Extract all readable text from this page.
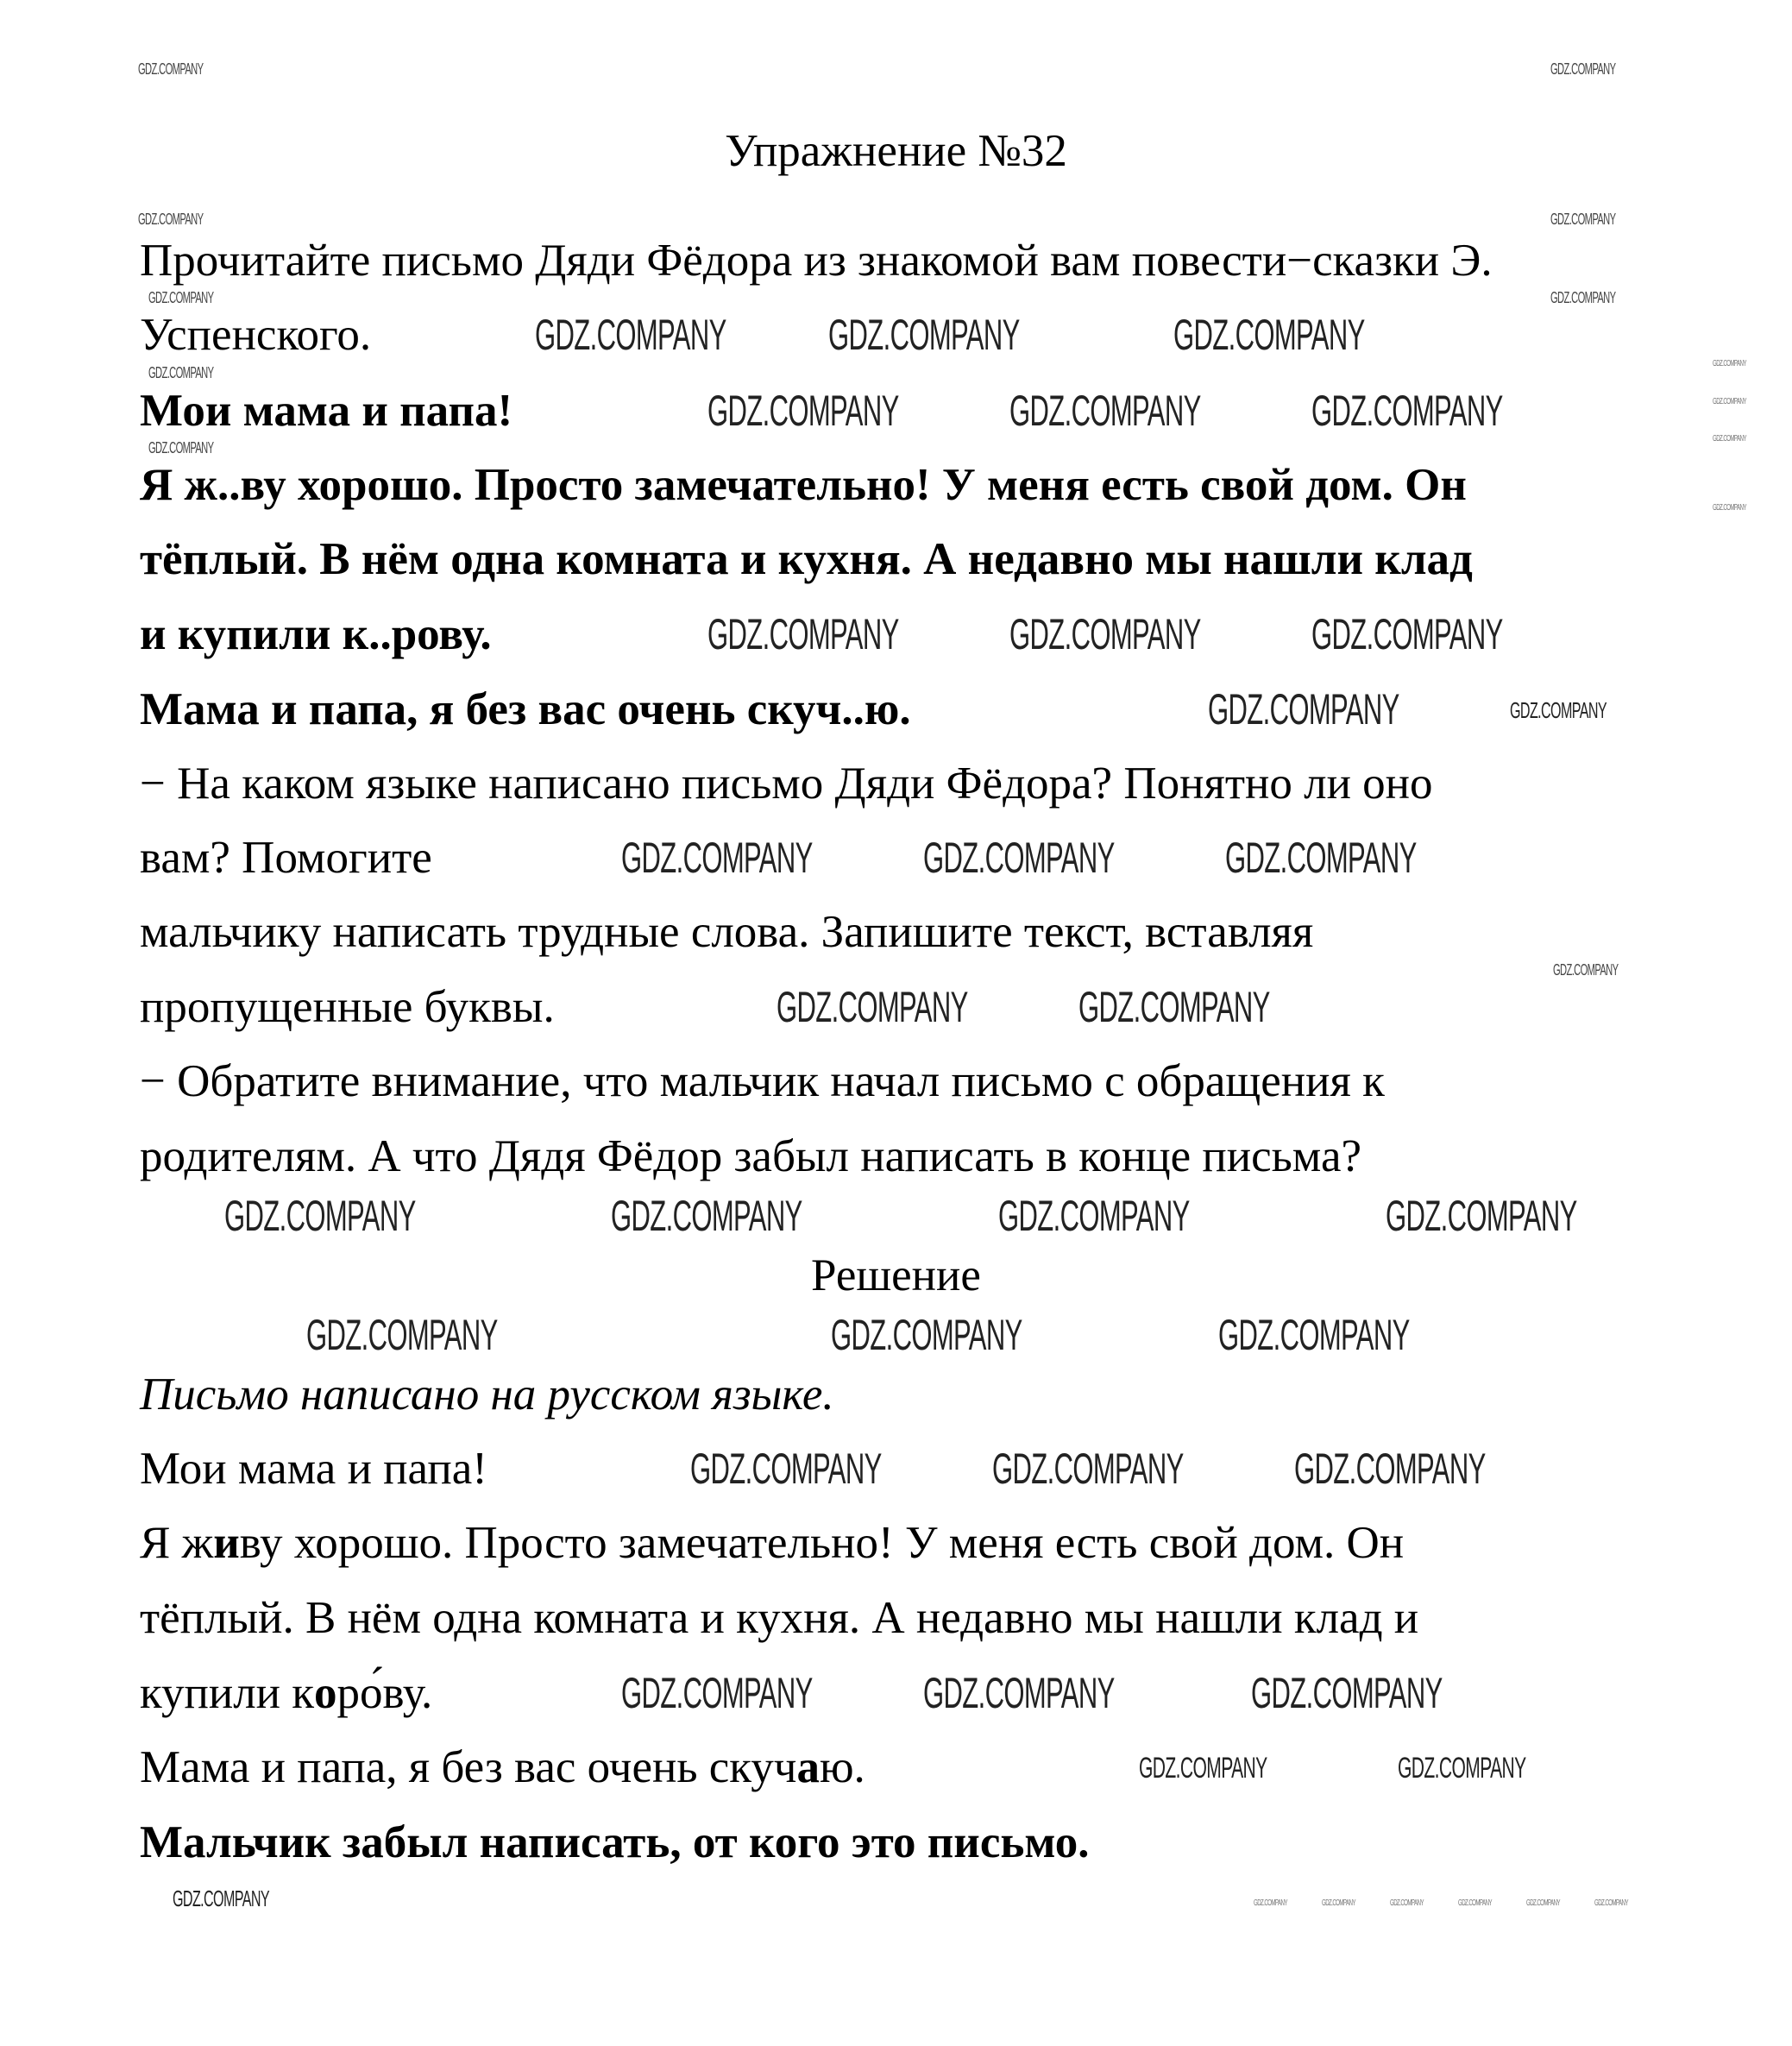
Упражнение №32
Прочитайте письмо Дяди Фёдора из знакомой вам повести−сказки Э.
Успенского.
Мои мама и папа!
Я ж..ву хорошо. Просто замечательно! У меня есть свой дом. Он
тёплый. В нём одна комната и кухня. А недавно мы нашли клад
и купили к..рову.
Мама и папа, я без вас очень скуч..ю.
− На каком языке написано письмо Дяди Фёдора? Понятно ли оно
вам? Помогите
мальчику написать трудные слова. Запишите текст, вставляя
пропущенные буквы.
− Обратите внимание, что мальчик начал письмо с обращения к
родителям. А что Дядя Фёдор забыл написать в конце письма?
Решение
Письмо написано на русском языке.
Мои мама и папа!
Я живу хорошо. Просто замечательно! У меня есть свой дом. Он
тёплый. В нём одна комната и кухня. А недавно мы нашли клад и
купили коро́ву.
Мама и папа, я без вас очень скучаю.
Мальчик забыл написать, от кого это письмо.
GDZ.COMPANY GDZ.COMPANY	GDZ.COMPANY
GDZ.COMPANY	GDZ.COMPANY	GDZ.COMPANY
GDZ.COMPANY	GDZ.COMPANY	GDZ.COMPANY
GDZ.COMPANY
GDZ.COMPANY	GDZ.COMPANY	GDZ.COMPANY
GDZ.COMPANY	GDZ.COMPANY
GDZ.COMPANY	GDZ.COMPANY	GDZ.COMPANY	GDZ.COMPANY
GDZ.COMPANY	GDZ.COMPANY	GDZ.COMPANY
GDZ.COMPANY	GDZ.COMPANY	GDZ.COMPANY
GDZ.COMPANY	GDZ.COMPANY	GDZ.COMPANY
GDZ.COMPANY	GDZ.COMPANY
GDZ.COMPANY
GDZ.COMPANY
GDZ.COMPANY	GDZ.COMPANY
GDZ.COMPANY	GDZ.COMPANY
GDZ.COMPANY	GDZ.COMPANY
GDZ.COMPANY
GDZ.COMPANY
GDZ.COMPANY
GDZ.COMPANY
GDZ.COMPANY
GDZ.COMPANY
GDZ.COMPANY
GDZ.COMPANY	GDZ.COMPANY	GDZ.COMPANY	GDZ.COMPANY	GDZ.COMPANY	GDZ.COMPANY
